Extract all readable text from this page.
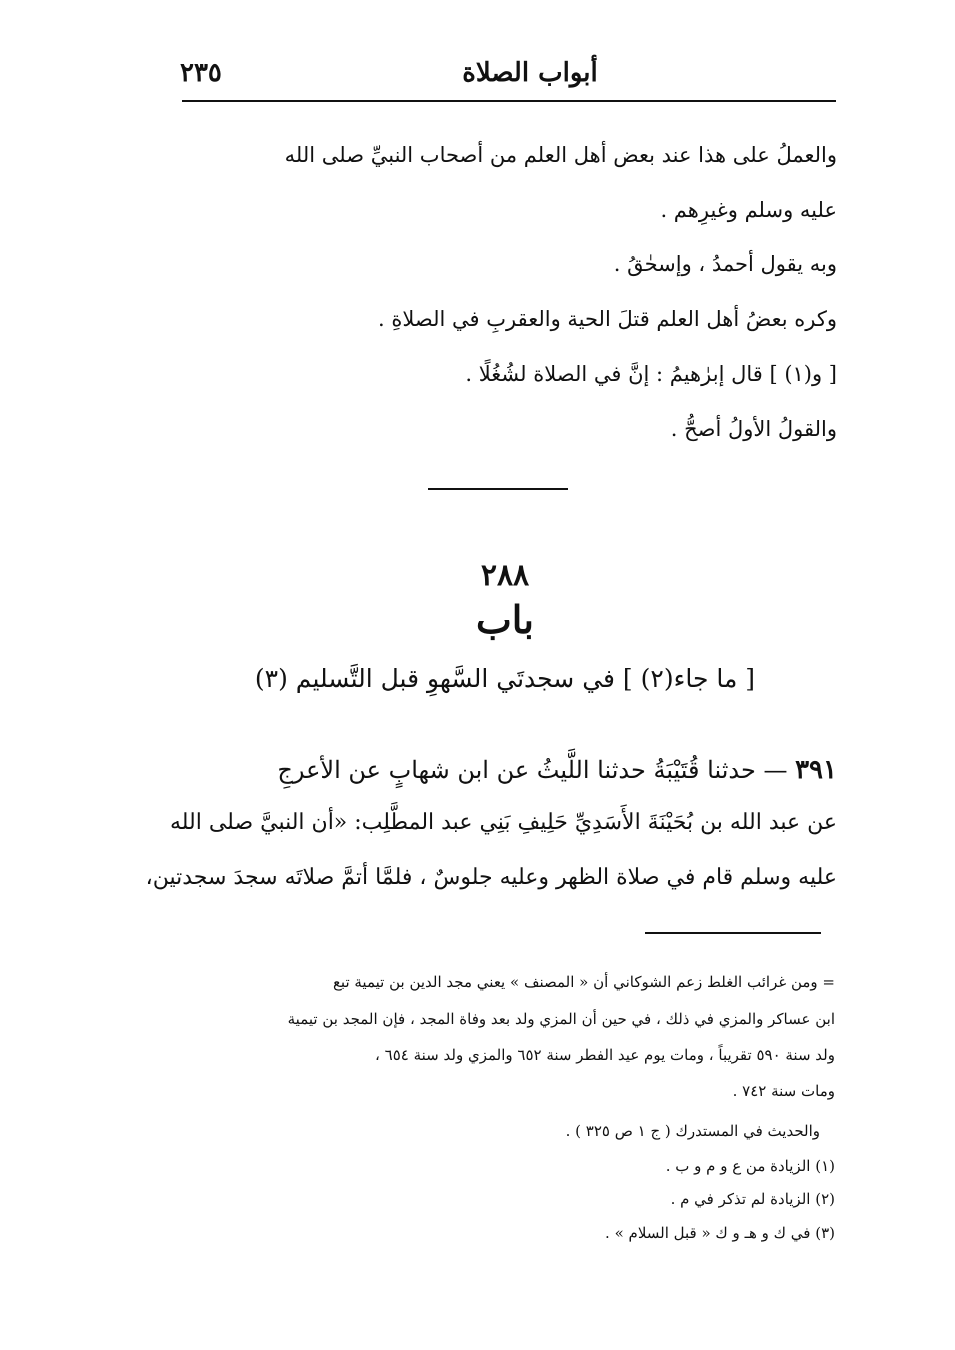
أبواب الصلاة
٢٣٥
والعملُ على هذا عند بعض أهل العلم من أصحاب النبيِّ صلى الله
عليه وسلم وغيرِهم .
وبه يقول أحمدُ ، وإسحٰقُ .
وكره بعضُ أهل العلم قتلَ الحية والعقربِ في الصلاةِ .
[ و(١) ] قال إبرٰهيمُ : إنَّ في الصلاة لشُغُلًا .
والقولُ الأولُ أصحُّ .
٢٨٨
باب
[ ما جاء(٢) ] في سجدتَي السَّهوِ قبل التَّسليم (٣)
٣٩١ — حدثنا قُتَيْبَةُ حدثنا اللَّيثُ عن ابن شهابٍ عن الأعرجِ
عن عبد الله بن بُحَيْنَةَ الأَسَدِيِّ حَلِيفِ بَنِي عبد المطَّلِب: «أن النبيَّ صلى الله
عليه وسلم قام في صلاة الظهر وعليه جلوسٌ ، فلمَّا أتمَّ صلاتَه سجدَ سجدتين،
= ومن غرائب الغلط زعم الشوكاني أن « المصنف » يعني مجد الدين بن تيمية تبع
ابن عساكر والمزي في ذلك ، في حين أن المزي ولد بعد وفاة المجد ، فإن المجد بن تيمية
ولد سنة ٥٩٠ تقريباً ، ومات يوم عيد الفطر سنة ٦٥٢ والمزي ولد سنة ٦٥٤ ،
ومات سنة ٧٤٢ .
والحديث في المستدرك ( ج ١ ص ٣٢٥ ) .
(١) الزيادة من ع و م و ب .
(٢) الزيادة لم تذكر في م .
(٣) في ك و هـ و ك « قبل السلام » .
